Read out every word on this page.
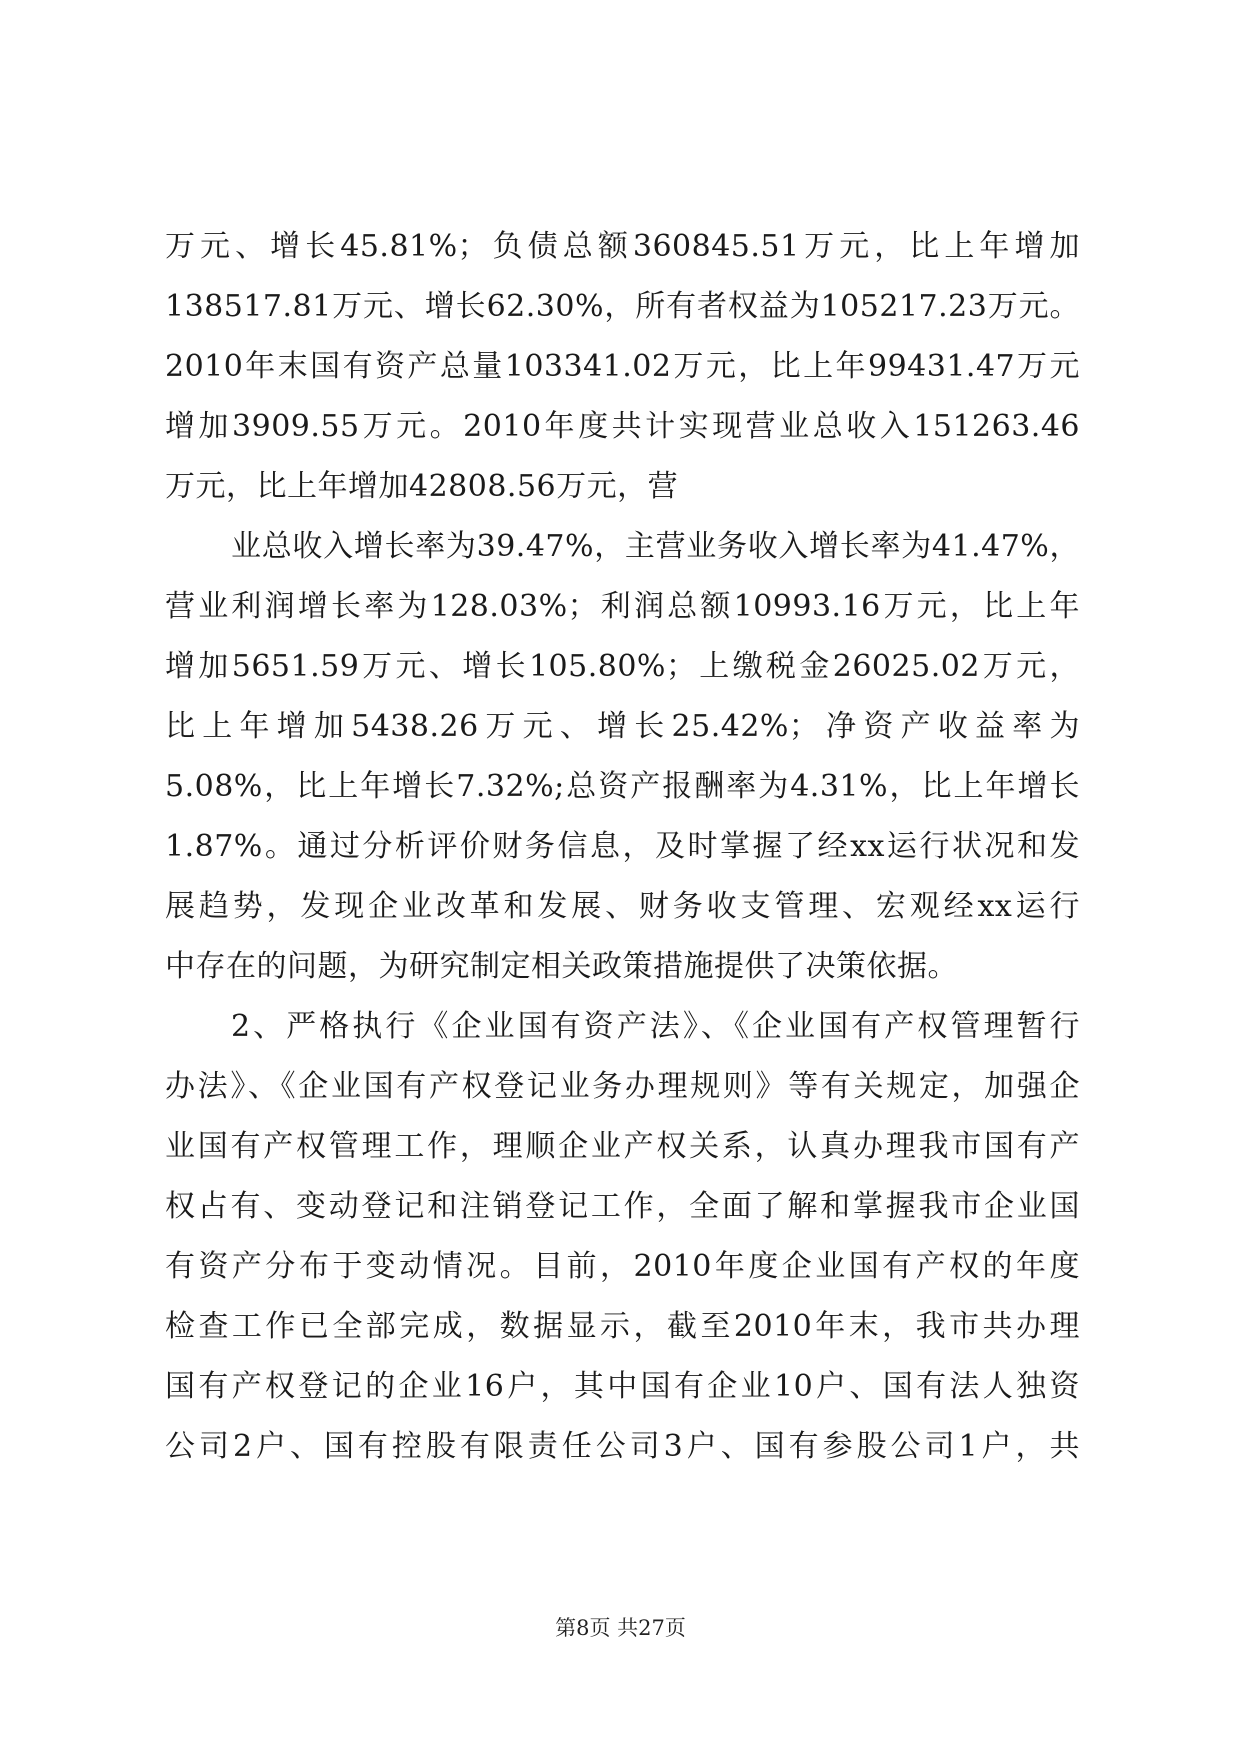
万元、增长45.81%；负债总额360845.51万元，比上年增加
138517.81万元、增长62.30%，所有者权益为105217.23万元。
2010年末国有资产总量103341.02万元，比上年99431.47万元
增加3909.55万元。2010年度共计实现营业总收入151263.46
万元，比上年增加42808.56万元，营
业总收入增长率为39.47%，主营业务收入增长率为41.47%，
营业利润增长率为128.03%；利润总额10993.16万元，比上年
增加5651.59万元、增长105.80%；上缴税金26025.02万元，
比上年增加5438.26万元、增长25.42%；净资产收益率为
5.08%，比上年增长7.32%;总资产报酬率为4.31%，比上年增长
1.87%。通过分析评价财务信息，及时掌握了经xx运行状况和发
展趋势，发现企业改革和发展、财务收支管理、宏观经xx运行
中存在的问题，为研究制定相关政策措施提供了决策依据。
2、严格执行《企业国有资产法》、《企业国有产权管理暂行
办法》、《企业国有产权登记业务办理规则》等有关规定，加强企
业国有产权管理工作，理顺企业产权关系，认真办理我市国有产
权占有、变动登记和注销登记工作，全面了解和掌握我市企业国
有资产分布于变动情况。目前，2010年度企业国有产权的年度
检查工作已全部完成，数据显示，截至2010年末，我市共办理
国有产权登记的企业16户，其中国有企业10户、国有法人独资
公司2户、国有控股有限责任公司3户、国有参股公司1户，共
第8页 共27页
